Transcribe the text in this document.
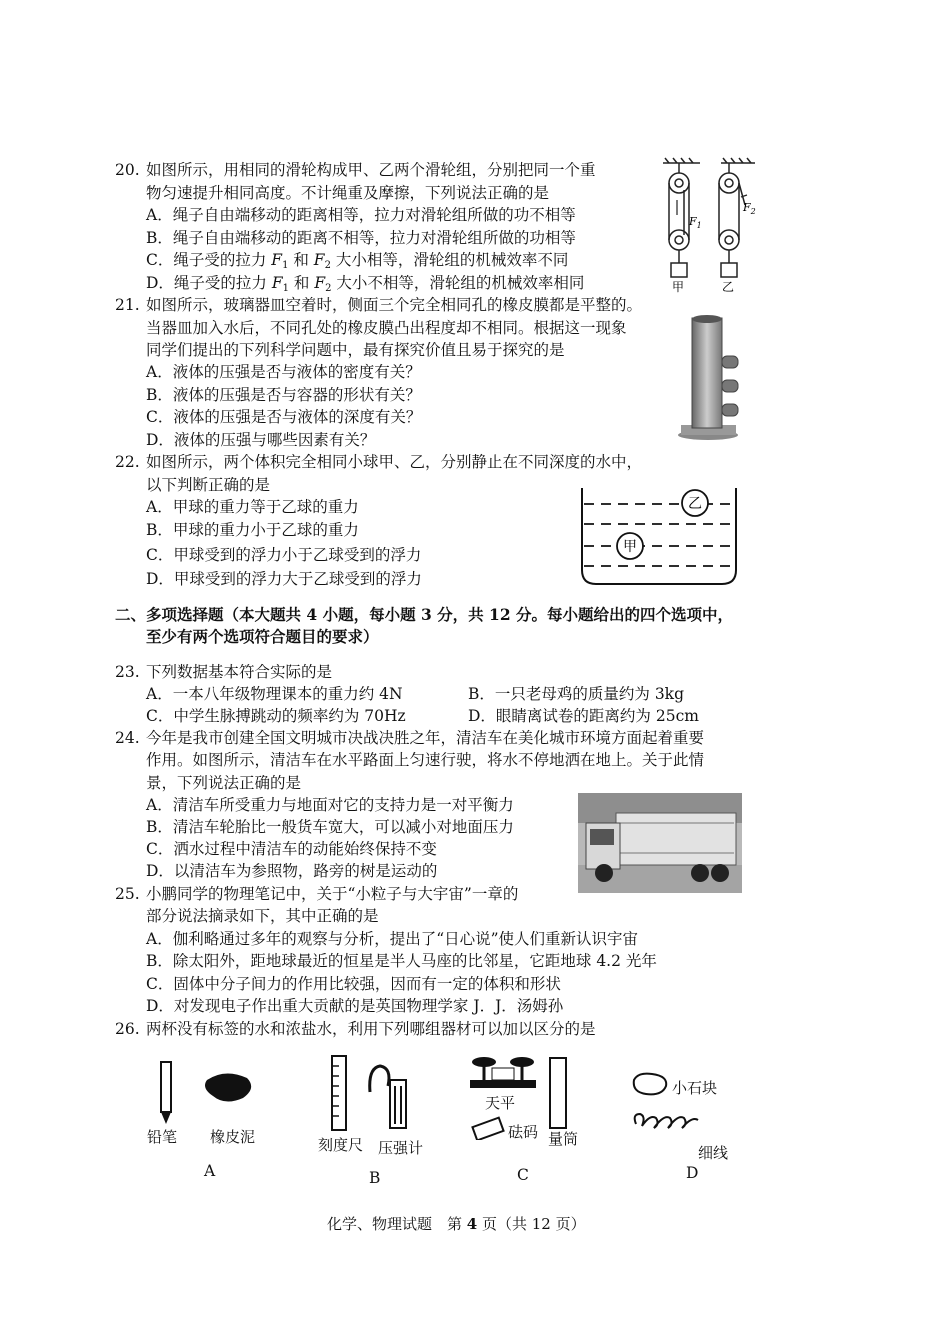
20. 如图所示，用相同的滑轮构成甲、乙两个滑轮组，分别把同一个重
物匀速提升相同高度。不计绳重及摩擦，下列说法正确的是
A．绳子自由端移动的距离相等，拉力对滑轮组所做的功不相等
B．绳子自由端移动的距离不相等，拉力对滑轮组所做的功相等
C．绳子受的拉力 $F_1$ 和 $F_2$ 大小相等，滑轮组的机械效率不同
D．绳子受的拉力 $F_1$ 和 $F_2$ 大小不相等，滑轮组的机械效率相同
$F_1$
$F_2$
甲	乙
21. 如图所示，玻璃器皿空着时，侧面三个完全相同孔的橡皮膜都是平整的。
当器皿加入水后，不同孔处的橡皮膜凸出程度却不相同。根据这一现象
同学们提出的下列科学问题中，最有探究价值且易于探究的是
A．液体的压强是否与液体的密度有关？
B．液体的压强是否与容器的形状有关？
C．液体的压强是否与液体的深度有关？
D．液体的压强与哪些因素有关？
22. 如图所示，两个体积完全相同小球甲、乙，分别静止在不同深度的水中，
以下判断正确的是
A．甲球的重力等于乙球的重力
B．甲球的重力小于乙球的重力
C．甲球受到的浮力小于乙球受到的浮力
D．甲球受到的浮力大于乙球受到的浮力
乙
甲
二、多项选择题（本大题共 4 小题，每小题 3 分，共 12 分。每小题给出的四个选项中，
至少有两个选项符合题目的要求）
23. 下列数据基本符合实际的是
A．一本八年级物理课本的重力约 4N	B．一只老母鸡的质量约为 3kg
C．中学生脉搏跳动的频率约为 70Hz	D．眼睛离试卷的距离约为 25cm
24. 今年是我市创建全国文明城市决战决胜之年，清洁车在美化城市环境方面起着重要
作用。如图所示，清洁车在水平路面上匀速行驶，将水不停地洒在地上。关于此情
景，下列说法正确的是
A．清洁车所受重力与地面对它的支持力是一对平衡力
B．清洁车轮胎比一般货车宽大，可以减小对地面压力
C．洒水过程中清洁车的动能始终保持不变
D．以清洁车为参照物，路旁的树是运动的
25. 小鹏同学的物理笔记中，关于“小粒子与大宇宙”一章的
部分说法摘录如下，其中正确的是
A．伽利略通过多年的观察与分析，提出了“日心说”使人们重新认识宇宙
B．除太阳外，距地球最近的恒星是半人马座的比邻星，它距地球 4.2 光年
C．固体中分子间力的作用比较强，因而有一定的体积和形状
D．对发现电子作出重大贡献的是英国物理学家 J．J．汤姆孙
26. 两杯没有标签的水和浓盐水，利用下列哪组器材可以加以区分的是
铅笔 橡皮泥
A
刻度尺 压强计
B
天平
砝码 量筒
C
小石块
细线
D
化学、物理试题　第 4 页（共 12 页）
